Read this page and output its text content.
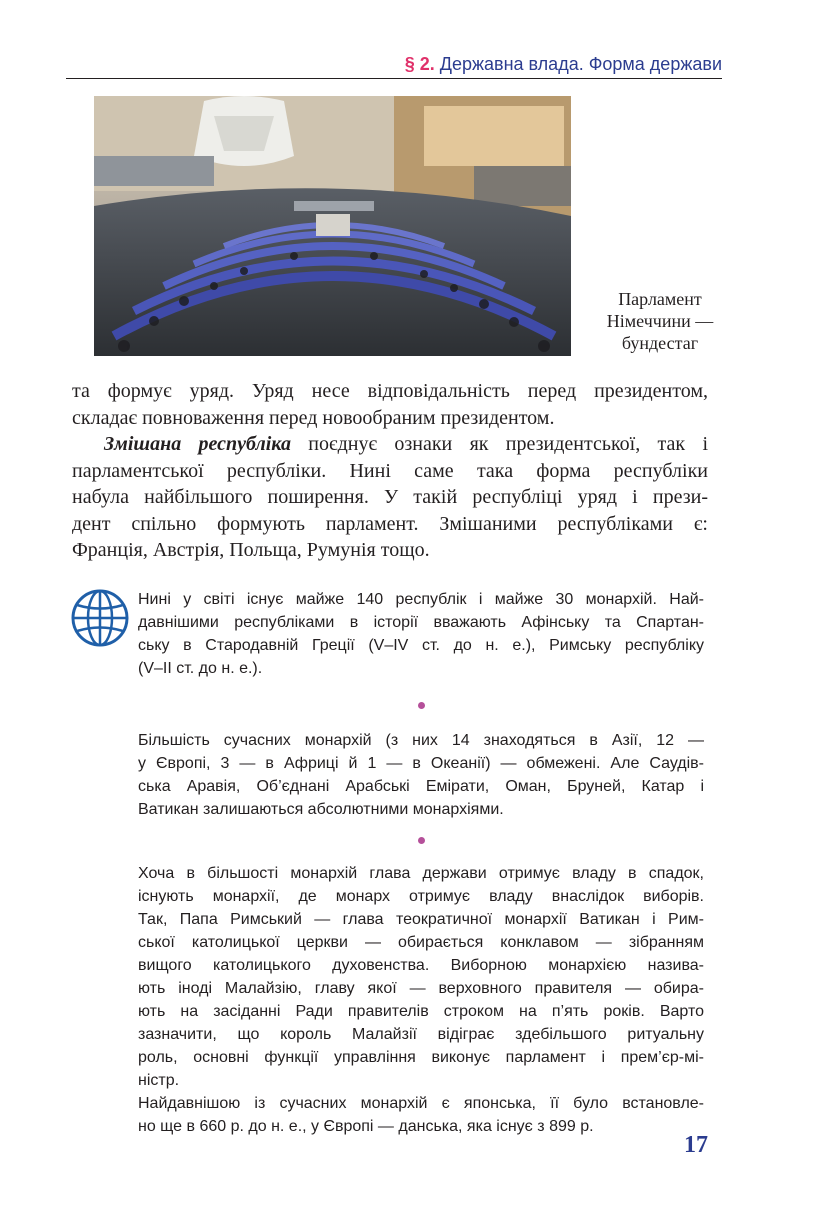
§ 2. Державна влада. Форма держави
Парламент
Німеччини —
бундестаг

та формує уряд. Уряд несе відповідальність перед президентом,
складає повноваження перед новообраним президентом.

Змішана республіка поєднує ознаки як президентської, так і
парламентської республіки. Нині саме така форма республіки
набула найбільшого поширення. У такій республіці уряд і прези-
дент спільно формують парламент. Змішаними республіками є:
Франція, Австрія, Польща, Румунія тощо.

Нині у світі існує майже 140 республік і майже 30 монархій. Най-
давнішими республіками в історії вважають Афінську та Спартан-
ську в Стародавній Греції (V–IV ст. до н. е.), Римську республіку
(V–II ст. до н. е.).
Більшість сучасних монархій (з них 14 знаходяться в Азії, 12 —
у Європі, 3 — в Африці й 1 — в Океанії) — обмежені. Але Саудів-
ська Аравія, Об’єднані Арабські Емірати, Оман, Бруней, Катар і
Ватикан залишаються абсолютними монархіями.
Хоча в більшості монархій глава держави отримує владу в спадок,
існують монархії, де монарх отримує владу внаслідок виборів.
Так, Папа Римський — глава теократичної монархії Ватикан і Рим-
ської католицької церкви — обирається конклавом — зібранням
вищого католицького духовенства. Виборною монархією назива-
ють іноді Малайзію, главу якої — верховного правителя — обира-
ють на засіданні Ради правителів строком на п’ять років. Варто
зазначити, що король Малайзії відіграє здебільшого ритуальну
роль, основні функції управління виконує парламент і прем’єр-мі-
ністр.
Найдавнішою із сучасних монархій є японська, її було встановле-
но ще в 660 р. до н. е., у Європі — данська, яка існує з 899 р.
17
